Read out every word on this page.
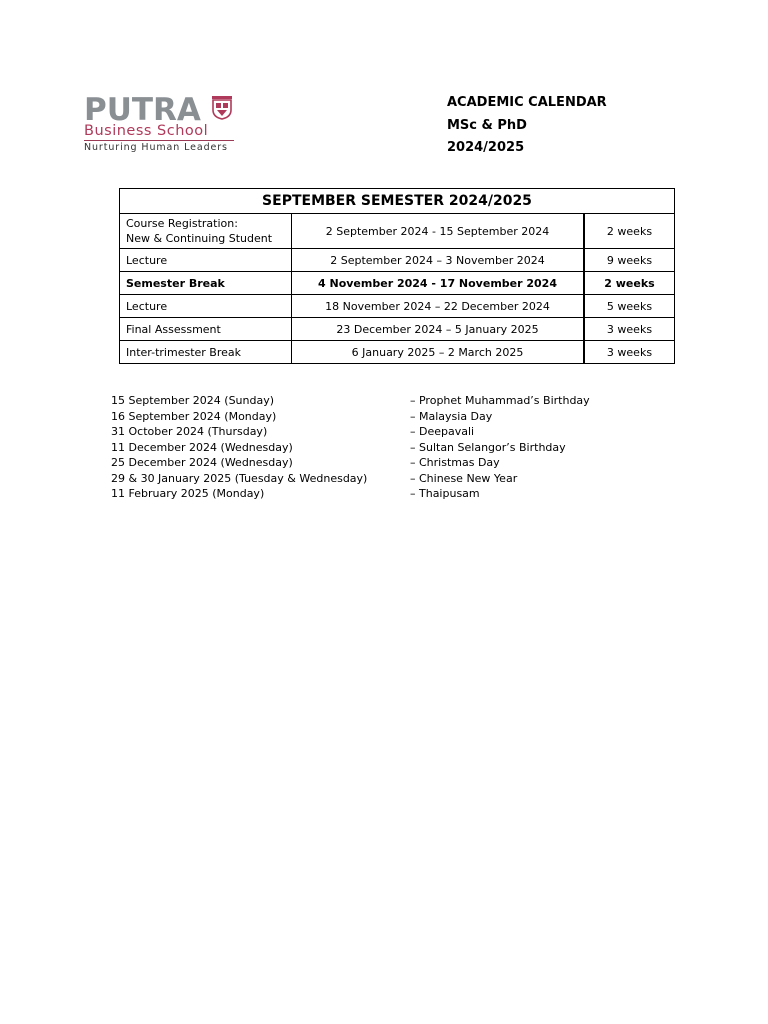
PUTRA
Business School
Nurturing Human Leaders
ACADEMIC CALENDAR
MSc & PhD
2024/2025
SEPTEMBER SEMESTER 2024/2025		

Course Registration:
New & Continuing Student	2 September 2024 - 15 September 2024	2 weeks
Lecture	2 September 2024 – 3 November 2024	9 weeks
Semester Break	4 November 2024 - 17 November 2024	2 weeks
Lecture	18 November 2024 – 22 December 2024	5 weeks
Final Assessment	23 December 2024 – 5 January 2025	3 weeks
Inter-trimester Break	6 January 2025 – 2 March 2025	3 weeks
15 September 2024 (Sunday)	– Prophet Muhammad’s Birthday
16 September 2024 (Monday)	– Malaysia Day
31 October 2024 (Thursday)	– Deepavali
11 December 2024 (Wednesday)	– Sultan Selangor’s Birthday
25 December 2024 (Wednesday)	– Christmas Day
29 & 30 January 2025 (Tuesday & Wednesday)	– Chinese New Year
11 February 2025 (Monday)	– Thaipusam
